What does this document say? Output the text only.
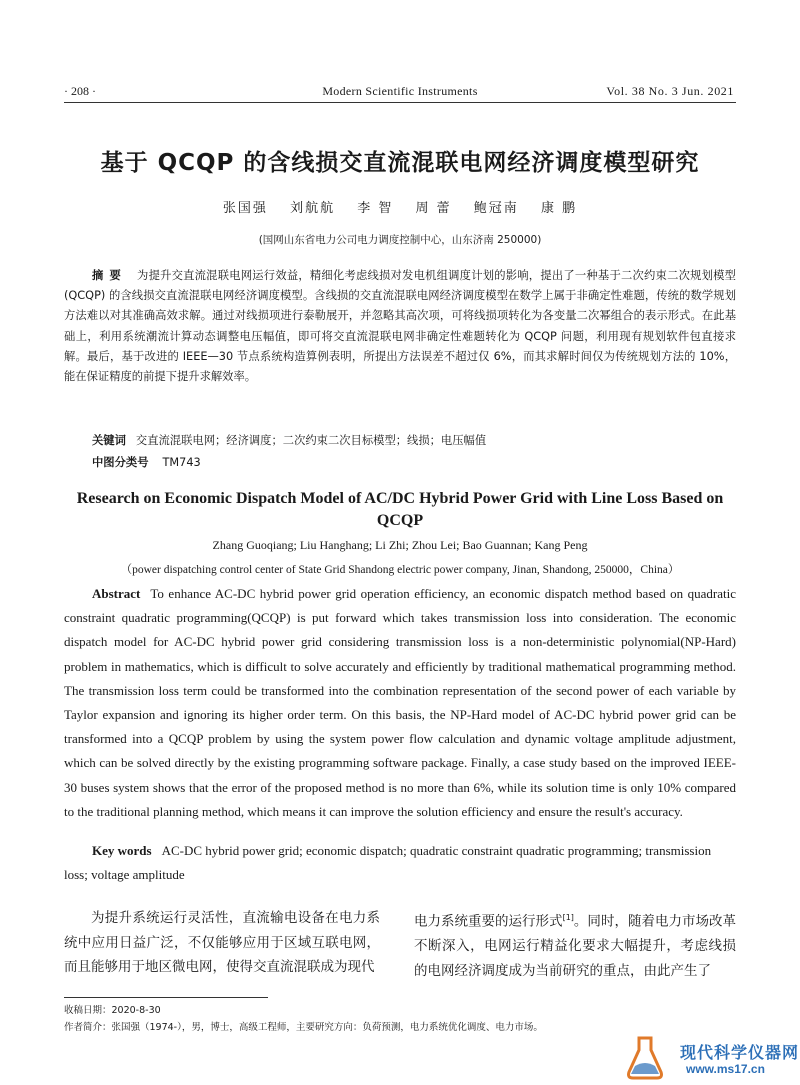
· 208 ·	Modern Scientific Instruments	Vol. 38 No. 3 Jun. 2021
基于 QCQP 的含线损交直流混联电网经济调度模型研究
张国强 刘航航 李 智 周 蕾 鲍冠南 康 鹏
(国网山东省电力公司电力调度控制中心，山东济南 250000)
摘要 为提升交直流混联电网运行效益，精细化考虑线损对发电机组调度计划的影响，提出了一种基于二次约束二次规划模型 (QCQP) 的含线损交直流混联电网经济调度模型。含线损的交直流混联电网经济调度模型在数学上属于非确定性难题，传统的数学规划方法难以对其准确高效求解。通过对线损项进行泰勒展开，并忽略其高次项，可将线损项转化为各变量二次幂组合的表示形式。在此基础上，利用系统潮流计算动态调整电压幅值，即可将交直流混联电网非确定性难题转化为 QCQP 问题，利用现有规划软件包直接求解。最后，基于改进的 IEEE—30 节点系统构造算例表明，所提出方法误差不超过仅 6%，而其求解时间仅为传统规划方法的 10%，能在保证精度的前提下提升求解效率。
关键词 交直流混联电网；经济调度；二次约束二次目标模型；线损；电压幅值
中图分类号 TM743
Research on Economic Dispatch Model of AC/DC Hybrid Power Grid with Line Loss Based on QCQP
Zhang Guoqiang; Liu Hanghang; Li Zhi; Zhou Lei; Bao Guannan; Kang Peng
（power dispatching control center of State Grid Shandong electric power company, Jinan, Shandong, 250000，China）
Abstract To enhance AC-DC hybrid power grid operation efficiency, an economic dispatch method based on quadratic constraint quadratic programming(QCQP) is put forward which takes transmission loss into consideration. The economic dispatch model for AC-DC hybrid power grid considering transmission loss is a non-deterministic polynomial(NP-Hard) problem in mathematics, which is difficult to solve accurately and efficiently by traditional mathematical programming method. The transmission loss term could be transformed into the combination representation of the second power of each variable by Taylor expansion and ignoring its higher order term. On this basis, the NP-Hard model of AC-DC hybrid power grid can be transformed into a QCQP problem by using the system power flow calculation and dynamic voltage amplitude adjustment, which can be solved directly by the existing programming software package. Finally, a case study based on the improved IEEE-30 buses system shows that the error of the proposed method is no more than 6%, while its solution time is only 10% compared to the traditional planning method, which means it can improve the solution efficiency and ensure the result's accuracy.
Key words AC-DC hybrid power grid; economic dispatch; quadratic constraint quadratic programming; transmission loss; voltage amplitude
为提升系统运行灵活性，直流输电设备在电力系统中应用日益广泛，不仅能够应用于区域互联电网，而且能够用于地区微电网，使得交直流混联成为现代
电力系统重要的运行形式[1]。同时，随着电力市场改革不断深入，电网运行精益化要求大幅提升，考虑线损的电网经济调度成为当前研究的重点，由此产生了
收稿日期：2020-8-30
作者简介：张国强（1974-），男，博士，高级工程师，主要研究方向：负荷预测，电力系统优化调度、电力市场。
现代科学仪器网
www.ms17.cn
